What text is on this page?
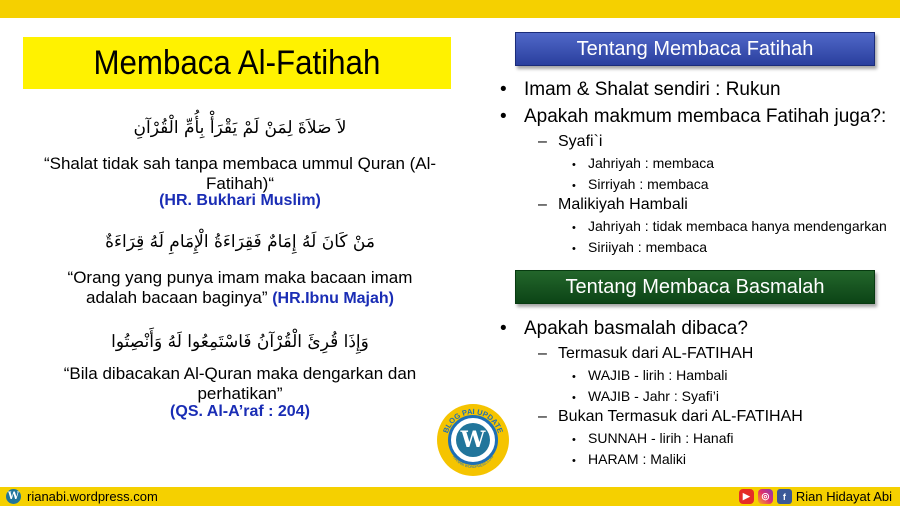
Membaca Al-Fatihah
لاَ صَلاَةَ لِمَنْ لَمْ يَقْرَأْ بِأُمِّ الْقُرْآنِ
“Shalat tidak sah tanpa membaca ummul Quran (Al-Fatihah)“
(HR. Bukhari Muslim)
مَنْ كَانَ لَهُ إِمَامٌ فَقِرَاءَةُ الْإِمَامِ لَهُ قِرَاءَةٌ
“Orang yang punya imam maka bacaan imam
adalah bacaan baginya” (HR.Ibnu Majah)
وَإِذَا قُرِئَ الْقُرْآنُ فَاسْتَمِعُوا لَهُ وَأَنْصِتُوا
“Bila dibacakan Al-Quran maka dengarkan dan perhatikan”
(QS. Al-A’raf : 204)
Tentang Membaca Fatihah
• Imam & Shalat sendiri : Rukun
• Apakah makmum membaca Fatihah juga?:
– Syafi`i
• Jahriyah : membaca
• Sirriyah : membaca
– Malikiyah Hambali
• Jahriyah : tidak membaca hanya mendengarkan
• Siriiyah : membaca
Tentang Membaca Basmalah
• Apakah basmalah dibaca?
– Termasuk dari AL-FATIHAH
• WAJIB - lirih : Hambali
• WAJIB - Jahr : Syafi’i
– Bukan Termasuk dari AL-FATIHAH
• SUNNAH - lirih : Hanafi
• HARAM : Maliki
W
BLOG PAI UPDATE
RIANABI.WORDPRESS.COM
W rianabi.wordpress.com	▶	◎	f Rian Hidayat Abi
